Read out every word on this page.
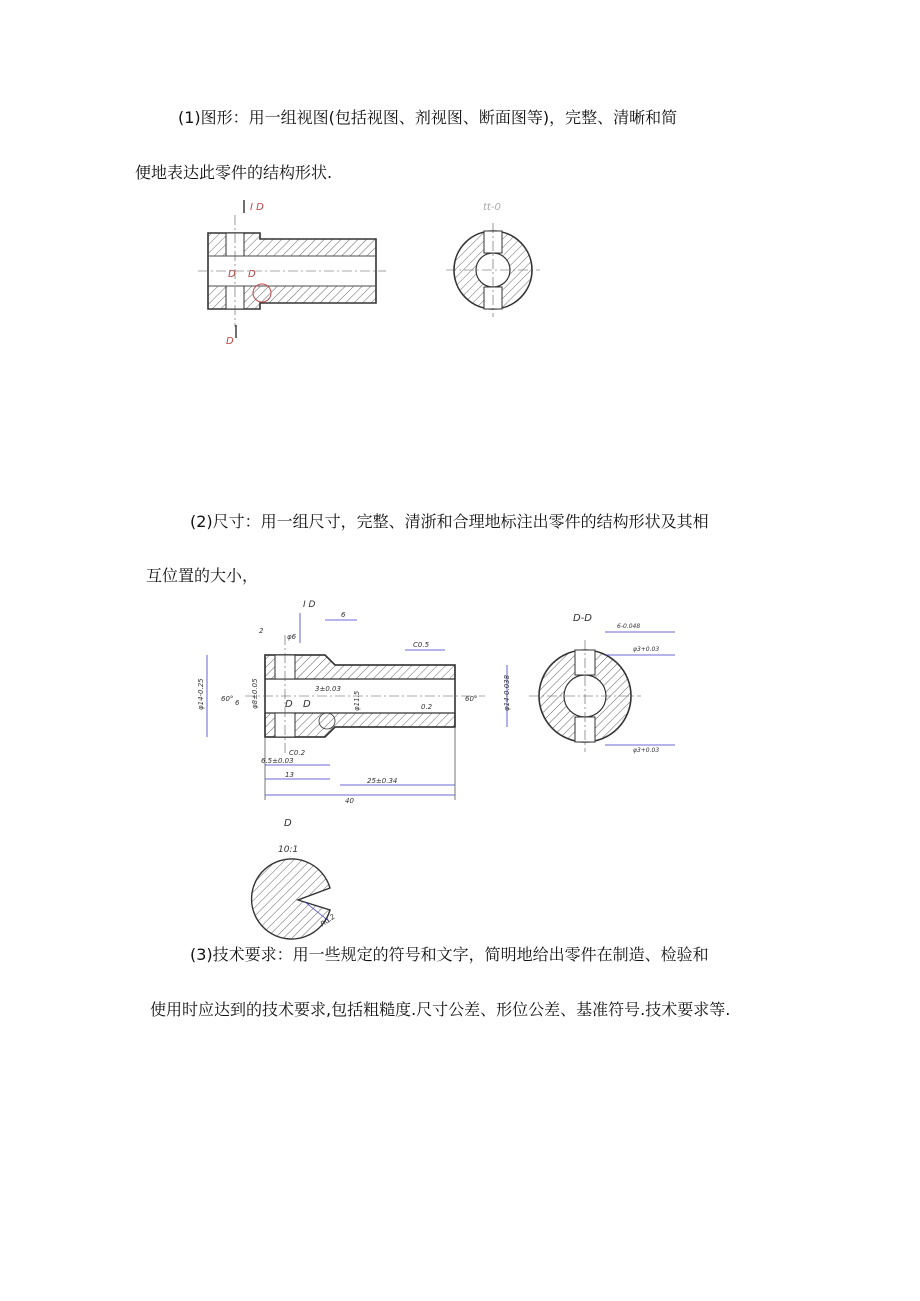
(1)图形：用一组视图(包括视图、剂视图、断面图等)，完整、清晰和简

便地表达此零件的结构形状.

I D
D D
D
tt-0

(2)尺寸：用一组尺寸，完整、清浙和合理地标注出零件的结构形状及其相

互位置的大小，

I D
6
2
φ6
C0.5
φ14-0.25	φ8±0.05
60° 6
3±0.03
φ11.5	0.2
60°	φ14-0.038
C0.2
6.5±0.03
13
25±0.34
40
D D
D-D
6-0.048
φ3+0.03
φ3+0.03
D
10:1
R0.2

(3)技术要求：用一些规定的符号和文字，简明地给出零件在制造、检验和

使用时应达到的技术要求,包括粗糙度.尺寸公差、形位公差、基准符号.技术要求等.
